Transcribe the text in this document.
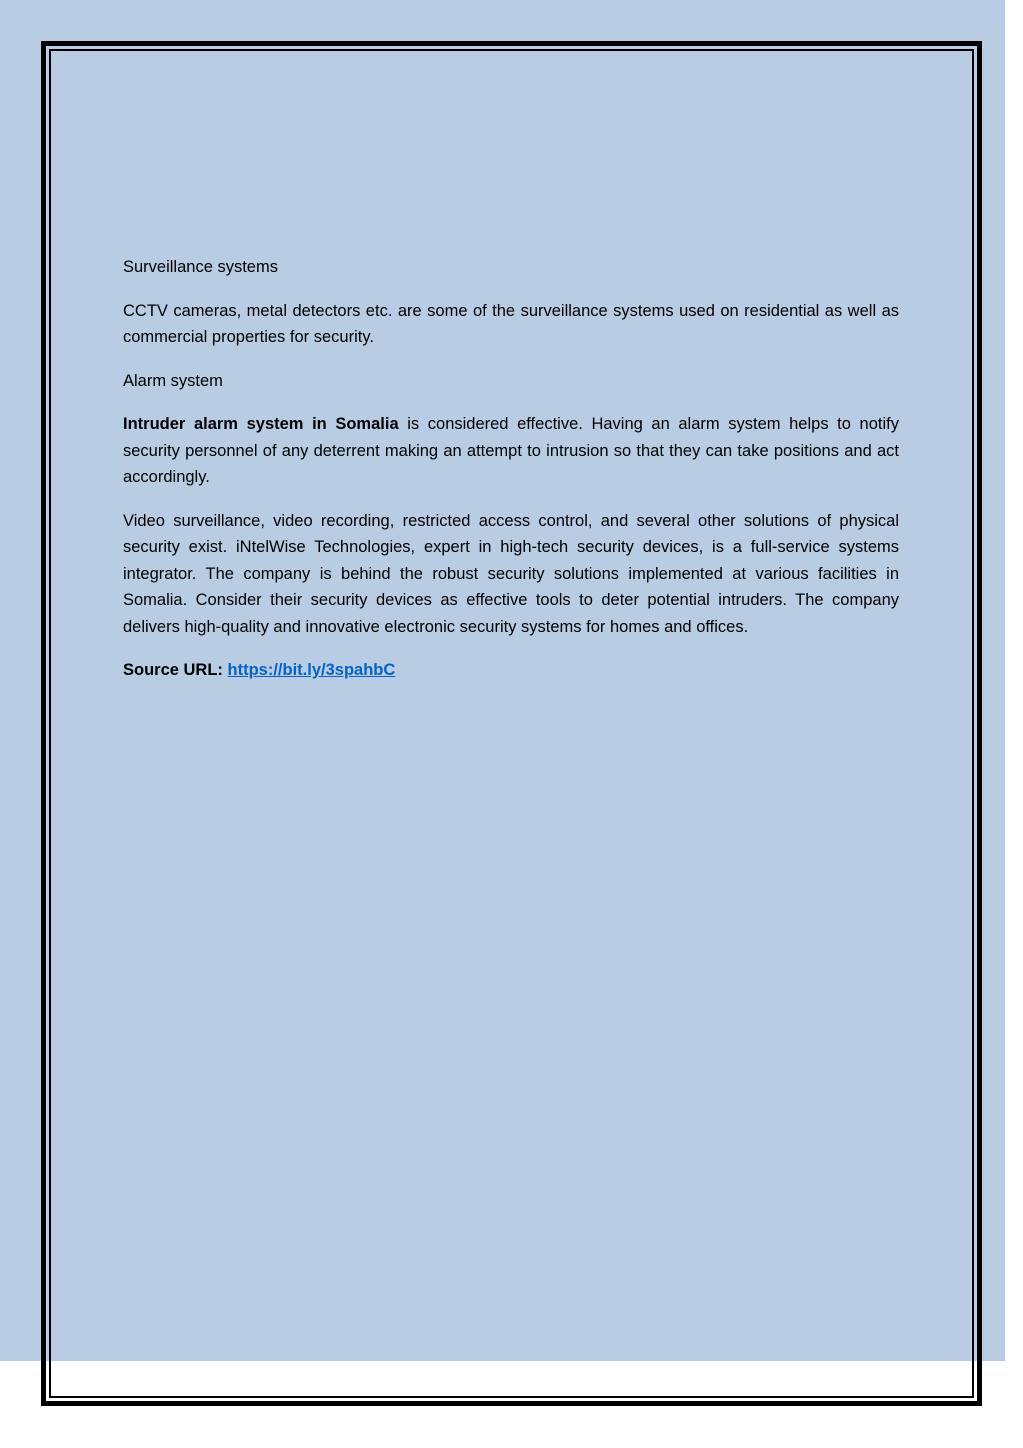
Surveillance systems

CCTV cameras, metal detectors etc. are some of the surveillance systems used on residential as well as commercial properties for security.

Alarm system

Intruder alarm system in Somalia is considered effective. Having an alarm system helps to notify security personnel of any deterrent making an attempt to intrusion so that they can take positions and act accordingly.

Video surveillance, video recording, restricted access control, and several other solutions of physical security exist. iNtelWise Technologies, expert in high-tech security devices, is a full-service systems integrator. The company is behind the robust security solutions implemented at various facilities in Somalia. Consider their security devices as effective tools to deter potential intruders. The company delivers high-quality and innovative electronic security systems for homes and offices.

Source URL: https://bit.ly/3spahbC
